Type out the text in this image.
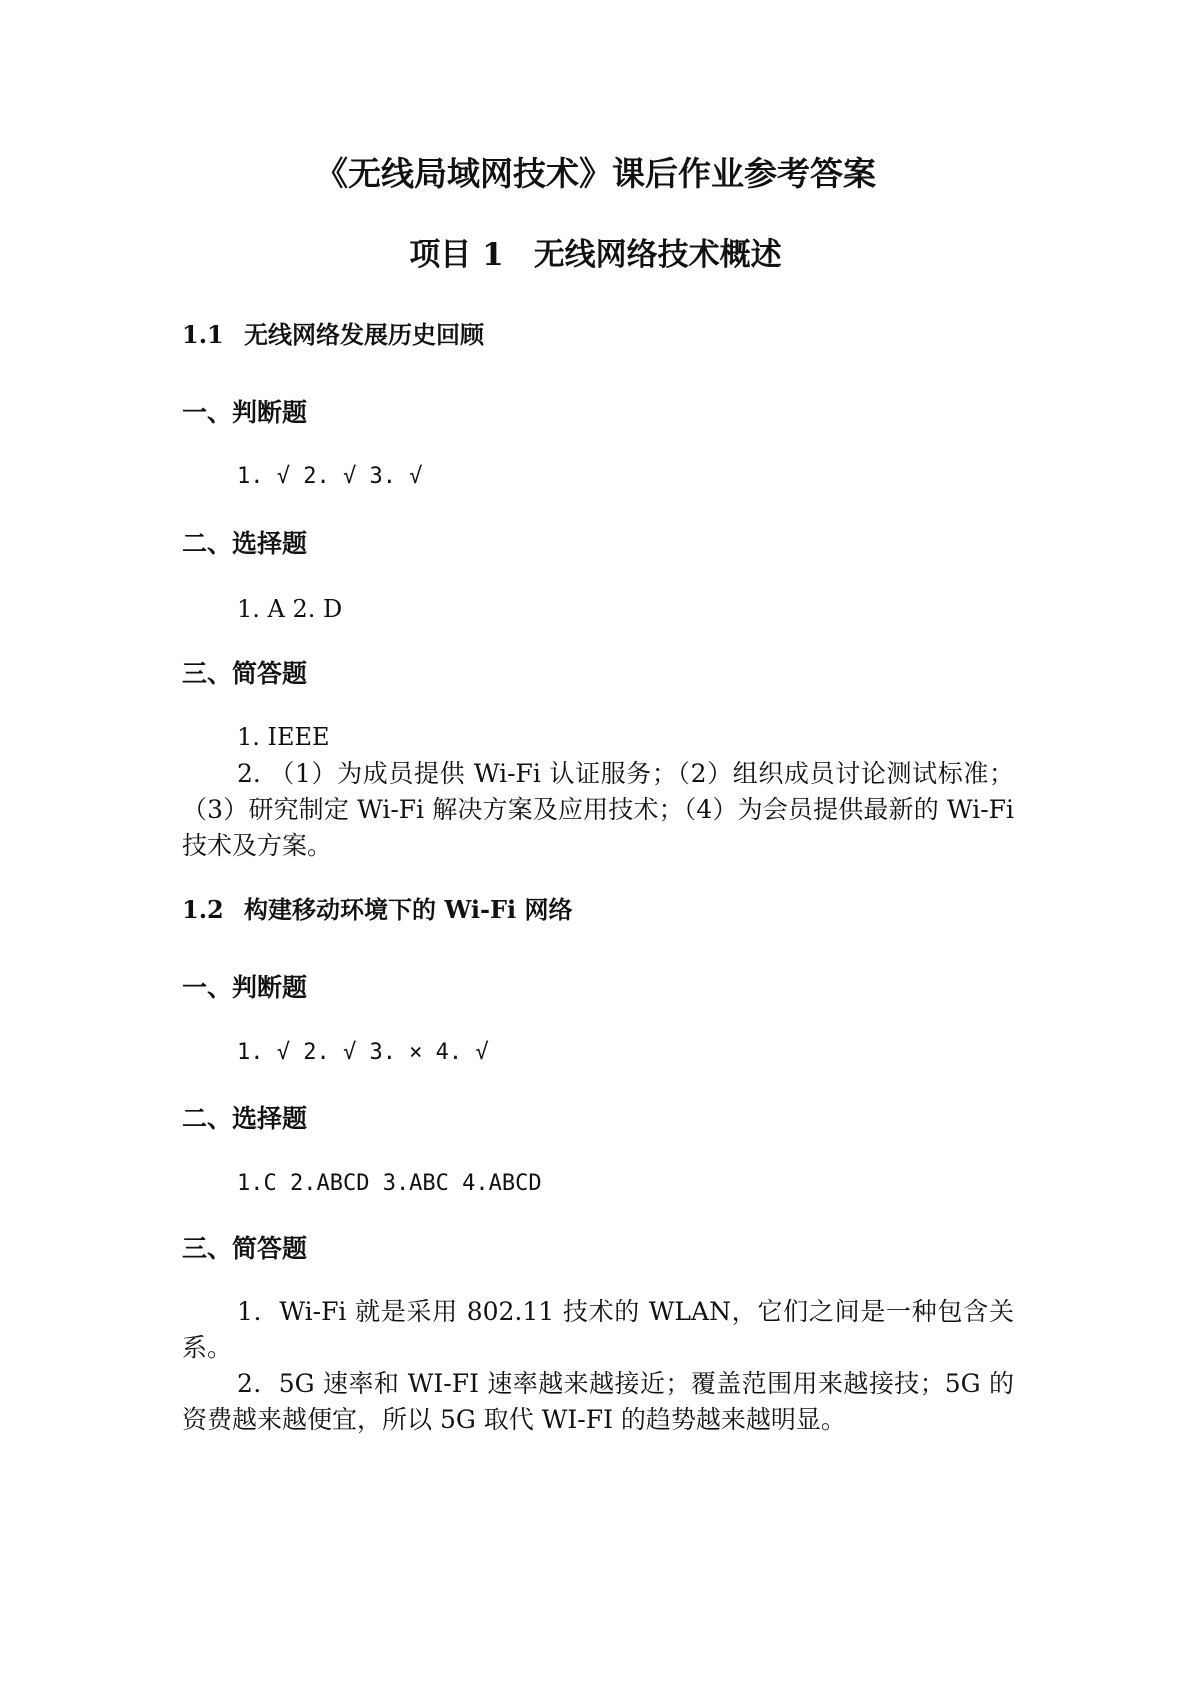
《无线局域网技术》课后作业参考答案
项目 1 无线网络技术概述
1.1 无线网络发展历史回顾
一、判断题
1. √ 2. √ 3. √
二、选择题
1. A 2. D
三、简答题
1. IEEE

2. （1）为成员提供 Wi-Fi 认证服务；（2）组织成员讨论测试标准；（3）研究制定 Wi-Fi 解决方案及应用技术；（4）为会员提供最新的 Wi-Fi 技术及方案。

1.2 构建移动环境下的 Wi-Fi 网络
一、判断题
1. √ 2. √ 3. × 4. √
二、选择题
1.C 2.ABCD 3.ABC 4.ABCD
三、简答题

1．Wi-Fi 就是采用 802.11 技术的 WLAN，它们之间是一种包含关系。

2．5G 速率和 WI-FI 速率越来越接近；覆盖范围用来越接技；5G 的资费越来越便宜，所以 5G 取代 WI-FI 的趋势越来越明显。
